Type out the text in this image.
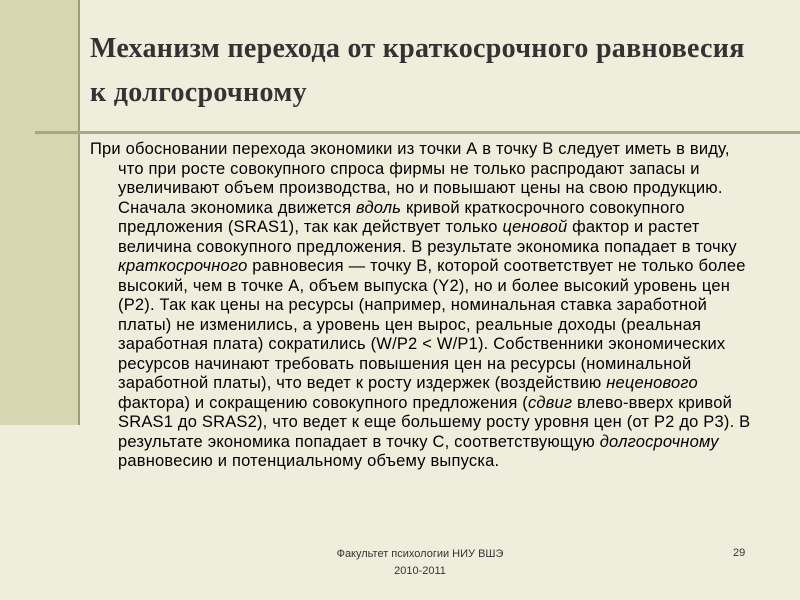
Механизм перехода от краткосрочного равновесия к долгосрочному

При обосновании перехода экономики из точки А в точку В следует иметь в виду, что при росте совокупного спроса фирмы не только распродают запасы и увеличивают объем производства, но и повышают цены на свою продукцию. Сначала экономика движется вдоль кривой краткосрочного совокупного предложения (SRAS1), так как действует только ценовой фактор и растет величина совокупного предложения. В результате экономика попадает в точку краткосрочного равновесия — точку В, которой соответствует не только более высокий, чем в точке А, объем выпуска (Y2), но и более высокий уровень цен (Р2). Так как цены на ресурсы (например, номинальная ставка заработной платы) не изменились, а уровень цен вырос, реальные доходы (реальная заработная плата) сократились (W/Р2 < W/Р1). Собственники экономических ресурсов начинают требовать повышения цен на ресурсы (номинальной заработной платы), что ведет к росту издержек (воздействию неценового фактора) и сокращению совокупного предложения (сдвиг влево-вверх кривой SRAS1 до SRAS2), что ведет к еще большему росту уровня цен (от Р2 до Р3). В результате экономика попадает в точку С, соответствующую долгосрочному равновесию и потенциальному объему выпуска.

Факультет психологии НИУ ВШЭ
2010-2011
29
